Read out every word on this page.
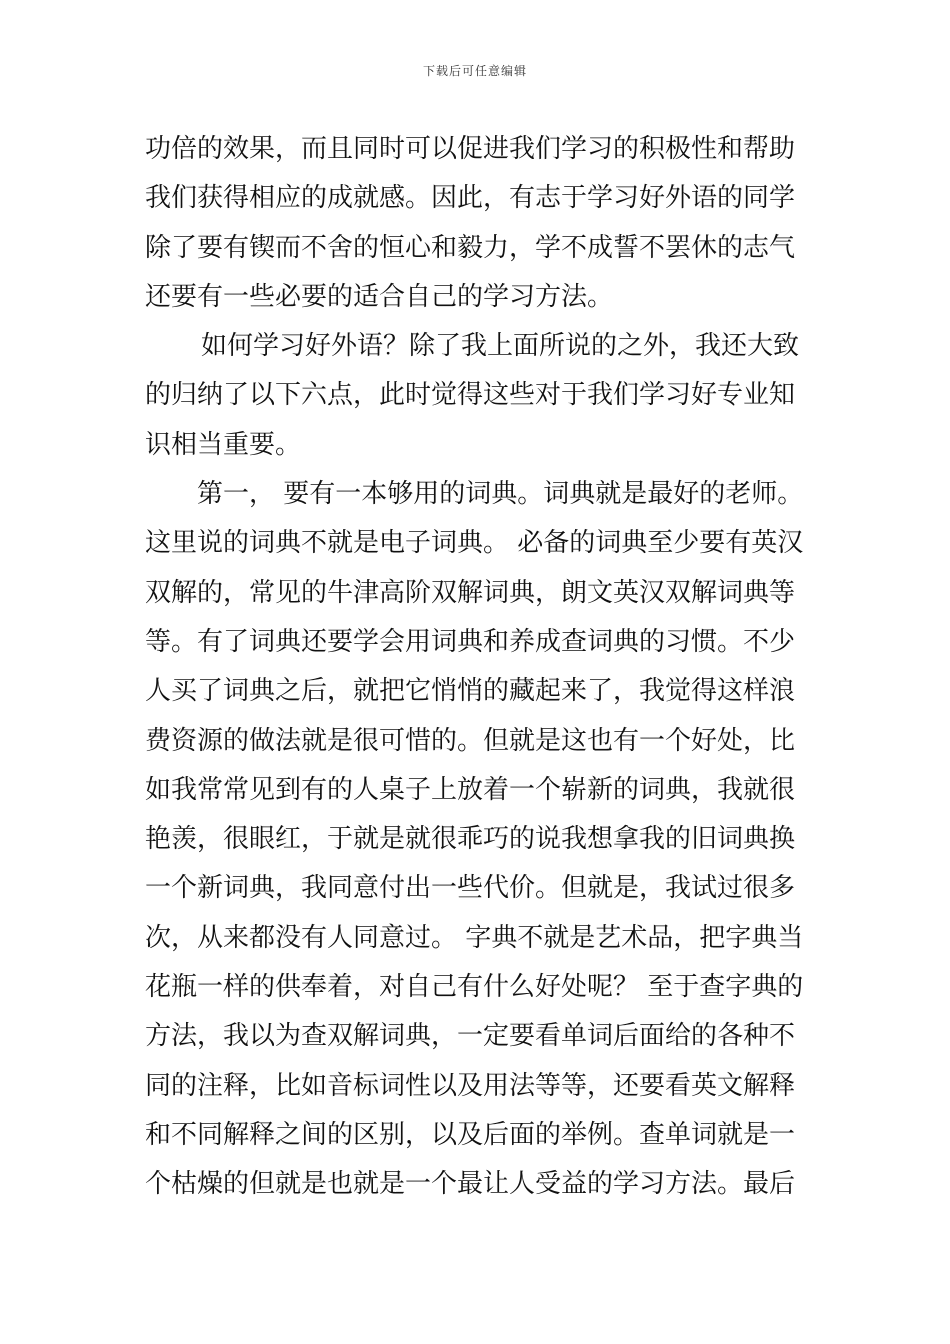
下载后可任意编辑
功倍的效果，而且同时可以促进我们学习的积极性和帮助
我们获得相应的成就感。因此，有志于学习好外语的同学
除了要有锲而不舍的恒心和毅力，学不成誓不罢休的志气
还要有一些必要的适合自己的学习方法。
如何学习好外语？除了我上面所说的之外，我还大致
的归纳了以下六点，此时觉得这些对于我们学习好专业知
识相当重要。
第一， 要有一本够用的词典。词典就是最好的老师。
这里说的词典不就是电子词典。 必备的词典至少要有英汉
双解的，常见的牛津高阶双解词典，朗文英汉双解词典等
等。有了词典还要学会用词典和养成查词典的习惯。不少
人买了词典之后，就把它悄悄的藏起来了，我觉得这样浪
费资源的做法就是很可惜的。但就是这也有一个好处，比
如我常常见到有的人桌子上放着一个崭新的词典，我就很
艳羡，很眼红，于就是就很乖巧的说我想拿我的旧词典换
一个新词典，我同意付出一些代价。但就是，我试过很多
次，从来都没有人同意过。 字典不就是艺术品，把字典当
花瓶一样的供奉着，对自己有什么好处呢？ 至于查字典的
方法，我以为查双解词典，一定要看单词后面给的各种不
同的注释，比如音标词性以及用法等等，还要看英文解释
和不同解释之间的区别，以及后面的举例。查单词就是一
个枯燥的但就是也就是一个最让人受益的学习方法。最后
